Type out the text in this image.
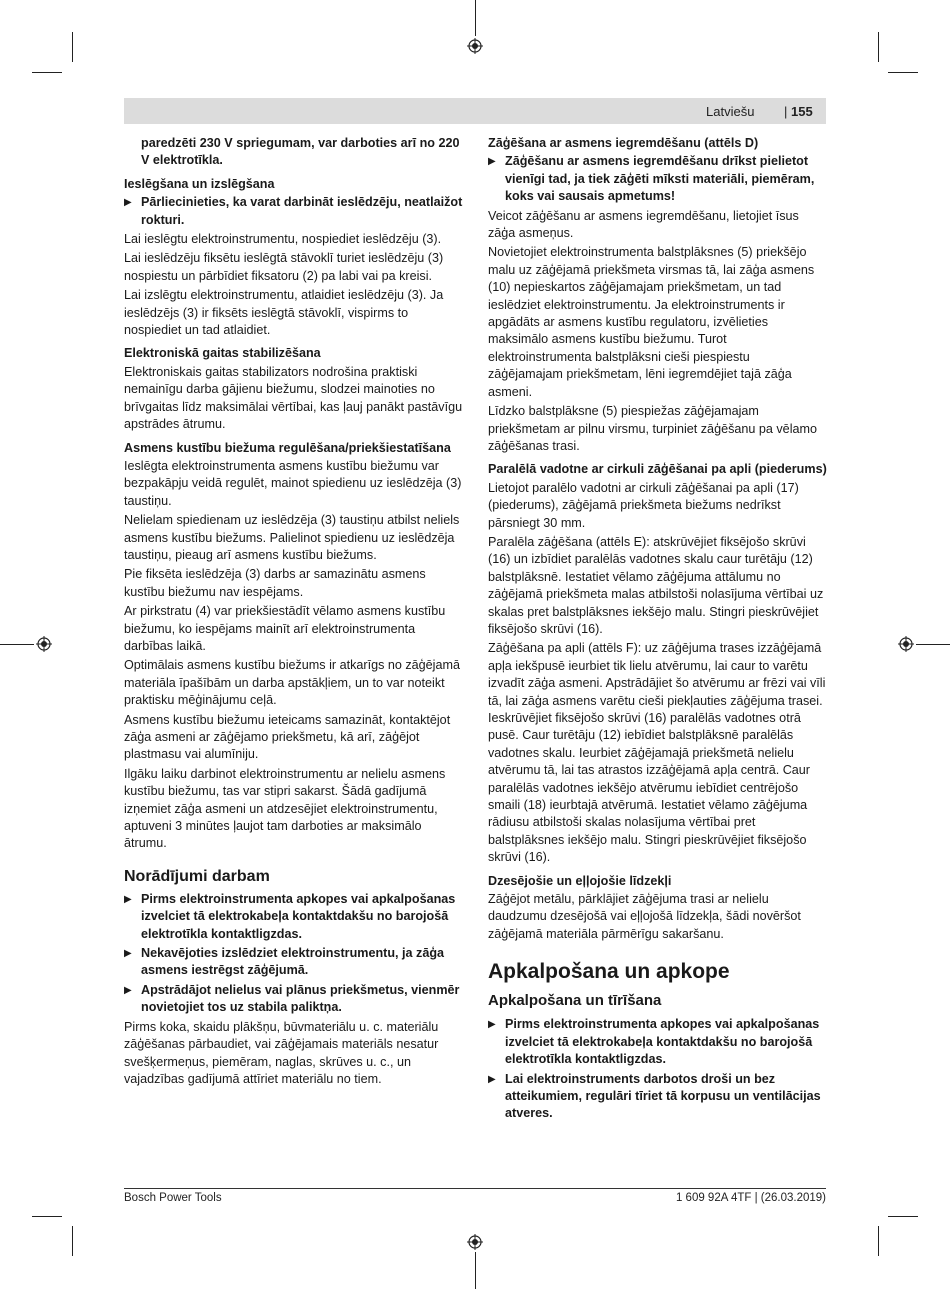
Latviešu | 155

paredzēti 230 V spriegumam, var darboties arī no 220 V elektrotīkla.

Ieslēgšana un izslēgšana

▶ Pārliecinieties, ka varat darbināt ieslēdzēju, neatlaižot rokturi.

Lai ieslēgtu elektroinstrumentu, nospiediet ieslēdzēju (3).

Lai ieslēdzēju fiksētu ieslēgtā stāvoklī turiet ieslēdzēju (3) nospiestu un pārbīdiet fiksatoru (2) pa labi vai pa kreisi.

Lai izslēgtu elektroinstrumentu, atlaidiet ieslēdzēju (3). Ja ieslēdzējs (3) ir fiksēts ieslēgtā stāvoklī, vispirms to nospiediet un tad atlaidiet.

Elektroniskā gaitas stabilizēšana

Elektroniskais gaitas stabilizators nodrošina praktiski nemainīgu darba gājienu biežumu, slodzei mainoties no brīvgaitas līdz maksimālai vērtībai, kas ļauj panākt pastāvīgu apstrādes ātrumu.

Asmens kustību biežuma regulēšana/priekšiestatīšana

Ieslēgta elektroinstrumenta asmens kustību biežumu var bezpakāpju veidā regulēt, mainot spiedienu uz ieslēdzēja (3) taustiņu.

Nelielam spiedienam uz ieslēdzēja (3) taustiņu atbilst neliels asmens kustību biežums. Palielinot spiedienu uz ieslēdzēja taustiņu, pieaug arī asmens kustību biežums.

Pie fiksēta ieslēdzēja (3) darbs ar samazinātu asmens kustību biežumu nav iespējams.

Ar pirkstratu (4) var priekšiestādīt vēlamo asmens kustību biežumu, ko iespējams mainīt arī elektroinstrumenta darbības laikā.

Optimālais asmens kustību biežums ir atkarīgs no zāģējamā materiāla īpašībām un darba apstākļiem, un to var noteikt praktisku mēģinājumu ceļā.

Asmens kustību biežumu ieteicams samazināt, kontaktējot zāģa asmeni ar zāģējamo priekšmetu, kā arī, zāģējot plastmasu vai alumīniju.

Ilgāku laiku darbinot elektroinstrumentu ar nelielu asmens kustību biežumu, tas var stipri sakarst. Šādā gadījumā izņemiet zāģa asmeni un atdzesējiet elektroinstrumentu, aptuveni 3 minūtes ļaujot tam darboties ar maksimālo ātrumu.

Norādījumi darbam

▶ Pirms elektroinstrumenta apkopes vai apkalpošanas izvelciet tā elektrokabeļa kontaktdakšu no barojošā elektrotīkla kontaktligzdas.

▶ Nekavējoties izslēdziet elektroinstrumentu, ja zāģa asmens iestrēgst zāģējumā.

▶ Apstrādājot nelielus vai plānus priekšmetus, vienmēr novietojiet tos uz stabila paliktņa.

Pirms koka, skaidu plākšņu, būvmateriālu u. c. materiālu zāģēšanas pārbaudiet, vai zāģējamais materiāls nesatur svešķermeņus, piemēram, naglas, skrūves u. c., un vajadzības gadījumā attīriet materiālu no tiem.

Zāģēšana ar asmens iegremdēšanu (attēls D)

▶ Zāģēšanu ar asmens iegremdēšanu drīkst pielietot vienīgi tad, ja tiek zāģēti mīksti materiāli, piemēram, koks vai sausais apmetums!

Veicot zāģēšanu ar asmens iegremdēšanu, lietojiet īsus zāģa asmeņus.

Novietojiet elektroinstrumenta balstplāksnes (5) priekšējo malu uz zāģējamā priekšmeta virsmas tā, lai zāģa asmens (10) nepieskartos zāģējamajam priekšmetam, un tad ieslēdziet elektroinstrumentu. Ja elektroinstruments ir apgādāts ar asmens kustību regulatoru, izvēlieties maksimālo asmens kustību biežumu. Turot elektroinstrumenta balstplāksni cieši piespiestu zāģējamajam priekšmetam, lēni iegremdējiet tajā zāģa asmeni.

Līdzko balstplāksne (5) piespiežas zāģējamajam priekšmetam ar pilnu virsmu, turpiniet zāģēšanu pa vēlamo zāģēšanas trasi.

Paralēlā vadotne ar cirkuli zāģēšanai pa apli (piederums)

Lietojot paralēlo vadotni ar cirkuli zāģēšanai pa apli (17) (piederums), zāģējamā priekšmeta biežums nedrīkst pārsniegt 30 mm.

Paralēla zāģēšana (attēls E): atskrūvējiet fiksējošo skrūvi (16) un izbīdiet paralēlās vadotnes skalu caur turētāju (12) balstplāksnē. Iestatiet vēlamo zāģējuma attālumu no zāģējamā priekšmeta malas atbilstoši nolasījuma vērtībai uz skalas pret balstplāksnes iekšējo malu. Stingri pieskrūvējiet fiksējošo skrūvi (16).

Zāģēšana pa apli (attēls F): uz zāģējuma trases izzāģējamā apļa iekšpusē ieurbiet tik lielu atvērumu, lai caur to varētu izvadīt zāģa asmeni. Apstrādājiet šo atvērumu ar frēzi vai vīli tā, lai zāģa asmens varētu cieši piekļauties zāģējuma trasei. Ieskrūvējiet fiksējošo skrūvi (16) paralēlās vadotnes otrā pusē. Caur turētāju (12) iebīdiet balstplāksnē paralēlās vadotnes skalu. Ieurbiet zāģējamajā priekšmetā nelielu atvērumu tā, lai tas atrastos izzāģējamā apļa centrā. Caur paralēlās vadotnes iekšējo atvērumu iebīdiet centrējošo smaili (18) ieurbtajā atvērumā. Iestatiet vēlamo zāģējuma rādiusu atbilstoši skalas nolasījuma vērtībai pret balstplāksnes iekšējo malu. Stingri pieskrūvējiet fiksējošo skrūvi (16).

Dzesējošie un eļļojošie līdzekļi

Zāģējot metālu, pārklājiet zāģējuma trasi ar nelielu daudzumu dzesējošā vai eļļojošā līdzekļa, šādi novēršot zāģējamā materiāla pārmērīgu sakaršanu.

Apkalpošana un apkope
Apkalpošana un tīrīšana

▶ Pirms elektroinstrumenta apkopes vai apkalpošanas izvelciet tā elektrokabeļa kontaktdakšu no barojošā elektrotīkla kontaktligzdas.

▶ Lai elektroinstruments darbotos droši un bez atteikumiem, regulāri tīriet tā korpusu un ventilācijas atveres.

Bosch Power Tools	1 609 92A 4TF | (26.03.2019)
